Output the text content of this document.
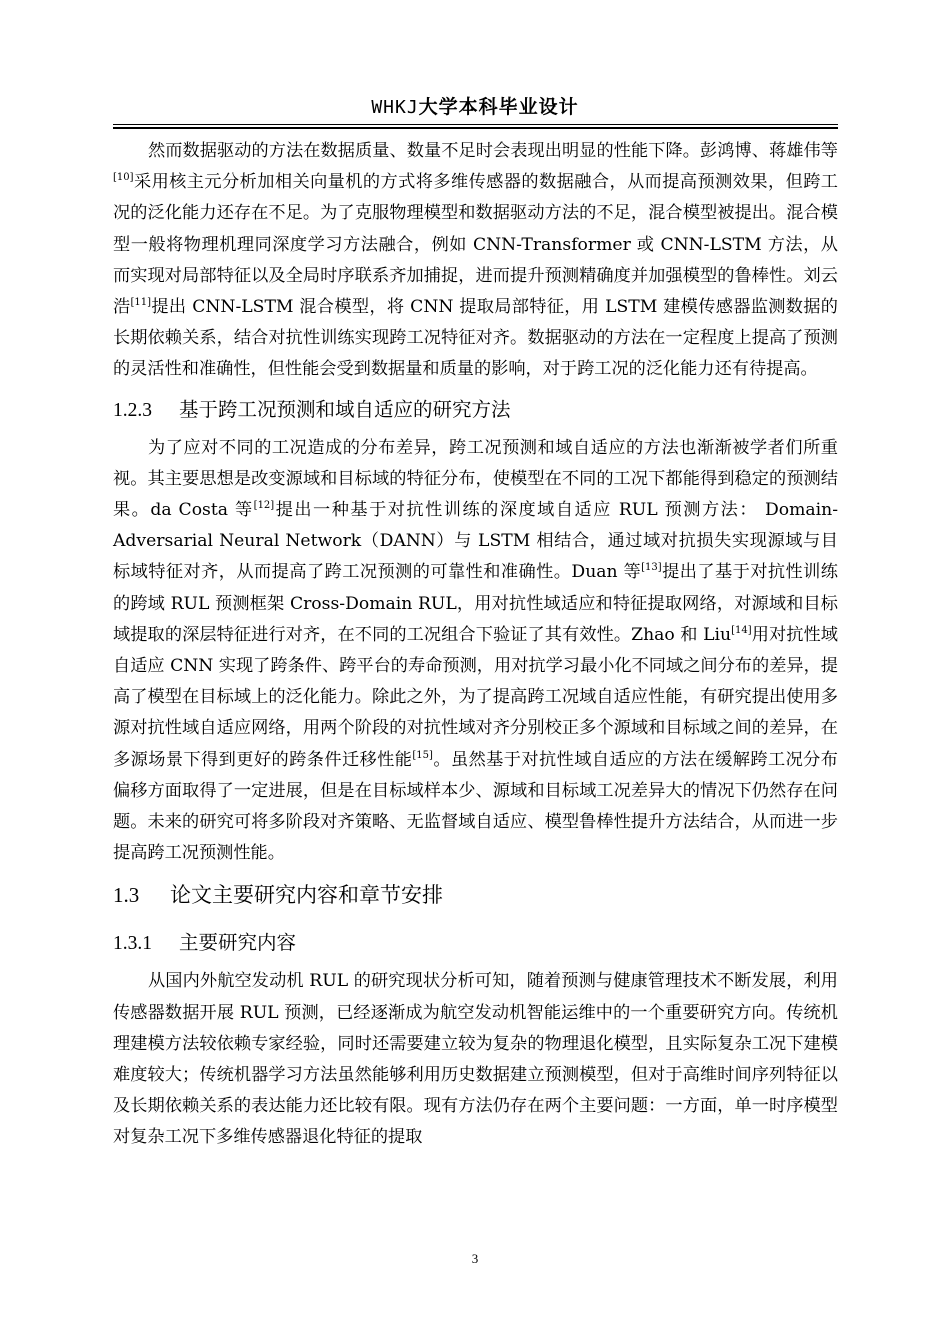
WHKJ大学本科毕业设计

然而数据驱动的方法在数据质量、数量不足时会表现出明显的性能下降。彭鸿博、蒋雄伟等[10]采用核主元分析加相关向量机的方式将多维传感器的数据融合，从而提高预测效果，但跨工况的泛化能力还存在不足。为了克服物理模型和数据驱动方法的不足，混合模型被提出。混合模型一般将物理机理同深度学习方法融合，例如 CNN-Transformer 或 CNN-LSTM 方法，从而实现对局部特征以及全局时序联系齐加捕捉，进而提升预测精确度并加强模型的鲁棒性。刘云浩[11]提出 CNN-LSTM 混合模型，将 CNN 提取局部特征，用 LSTM 建模传感器监测数据的长期依赖关系，结合对抗性训练实现跨工况特征对齐。数据驱动的方法在一定程度上提高了预测的灵活性和准确性，但性能会受到数据量和质量的影响，对于跨工况的泛化能力还有待提高。

1.2.3 基于跨工况预测和域自适应的研究方法

为了应对不同的工况造成的分布差异，跨工况预测和域自适应的方法也渐渐被学者们所重视。其主要思想是改变源域和目标域的特征分布，使模型在不同的工况下都能得到稳定的预测结果。da Costa 等[12]提出一种基于对抗性训练的深度域自适应 RUL 预测方法： Domain- Adversarial Neural Network（DANN）与 LSTM 相结合，通过域对抗损失实现源域与目标域特征对齐，从而提高了跨工况预测的可靠性和准确性。Duan 等[13]提出了基于对抗性训练的跨域 RUL 预测框架 Cross-Domain RUL，用对抗性域适应和特征提取网络，对源域和目标域提取的深层特征进行对齐，在不同的工况组合下验证了其有效性。Zhao 和 Liu[14]用对抗性域自适应 CNN 实现了跨条件、跨平台的寿命预测，用对抗学习最小化不同域之间分布的差异，提高了模型在目标域上的泛化能力。除此之外，为了提高跨工况域自适应性能，有研究提出使用多源对抗性域自适应网络，用两个阶段的对抗性域对齐分别校正多个源域和目标域之间的差异，在多源场景下得到更好的跨条件迁移性能[15]。虽然基于对抗性域自适应的方法在缓解跨工况分布偏移方面取得了一定进展，但是在目标域样本少、源域和目标域工况差异大的情况下仍然存在问题。未来的研究可将多阶段对齐策略、无监督域自适应、模型鲁棒性提升方法结合，从而进一步提高跨工况预测性能。

1.3 论文主要研究内容和章节安排
1.3.1 主要研究内容

从国内外航空发动机 RUL 的研究现状分析可知，随着预测与健康管理技术不断发展，利用传感器数据开展 RUL 预测，已经逐渐成为航空发动机智能运维中的一个重要研究方向。传统机理建模方法较依赖专家经验，同时还需要建立较为复杂的物理退化模型，且实际复杂工况下建模难度较大；传统机器学习方法虽然能够利用历史数据建立预测模型，但对于高维时间序列特征以及长期依赖关系的表达能力还比较有限。现有方法仍存在两个主要问题：一方面，单一时序模型对复杂工况下多维传感器退化特征的提取

3
